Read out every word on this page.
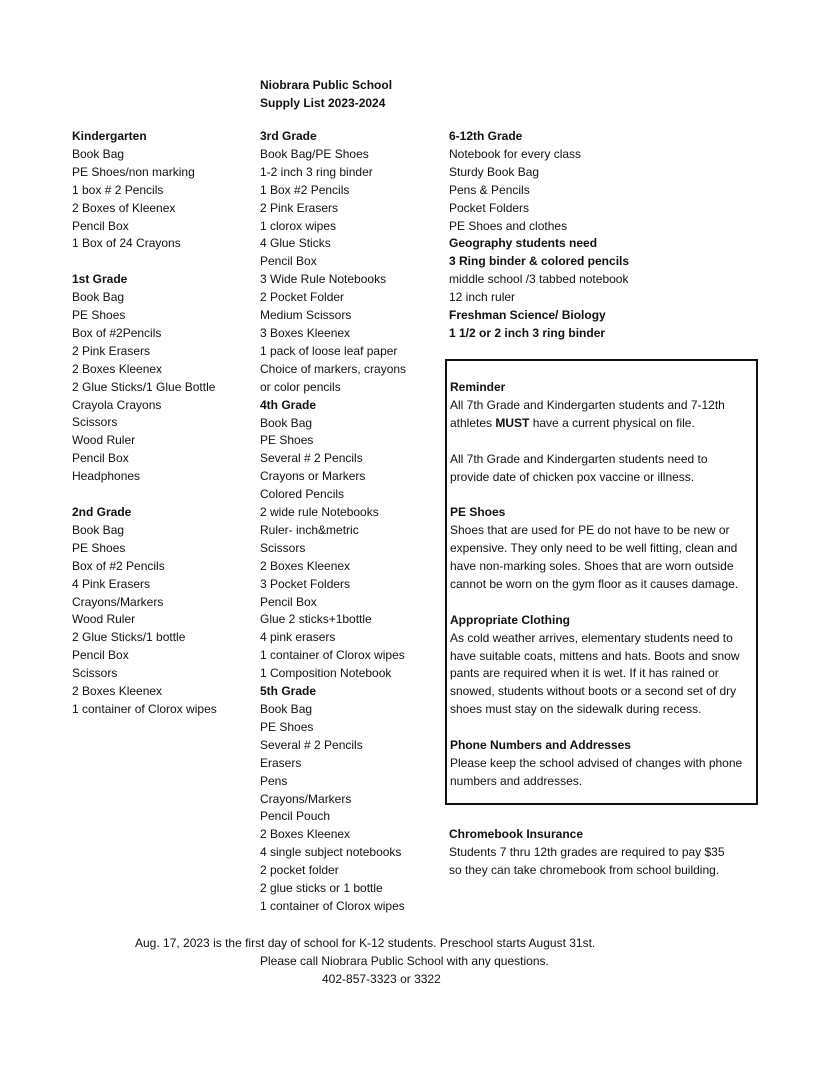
Niobrara Public School
Supply List 2023-2024
Kindergarten
Book Bag
PE Shoes/non marking
1 box # 2 Pencils
2 Boxes of Kleenex
Pencil Box
1 Box of 24 Crayons
1st Grade
Book Bag
PE Shoes
Box of #2Pencils
2 Pink Erasers
2 Boxes Kleenex
2 Glue Sticks/1 Glue Bottle
Crayola Crayons
Scissors
Wood Ruler
Pencil Box
Headphones
2nd Grade
Book Bag
PE Shoes
Box of #2 Pencils
4 Pink Erasers
Crayons/Markers
Wood Ruler
2 Glue Sticks/1 bottle
Pencil Box
Scissors
2 Boxes Kleenex
1 container of Clorox wipes
3rd Grade
Book Bag/PE Shoes
1-2 inch 3 ring binder
1 Box #2 Pencils
2 Pink Erasers
1 clorox wipes
4 Glue Sticks
Pencil Box
3 Wide Rule Notebooks
2 Pocket Folder
Medium Scissors
3 Boxes Kleenex
1 pack of loose leaf paper
Choice of markers, crayons
or color pencils
4th Grade
Book Bag
PE Shoes
Several # 2 Pencils
Crayons or Markers
Colored Pencils
2 wide rule Notebooks
Ruler- inch&metric
Scissors
2 Boxes Kleenex
3 Pocket Folders
Pencil Box
Glue 2 sticks+1bottle
4 pink erasers
1 container of Clorox wipes
1 Composition Notebook
5th Grade
Book Bag
PE Shoes
Several # 2 Pencils
Erasers
Pens
Crayons/Markers
Pencil Pouch
2 Boxes Kleenex
4 single subject notebooks
2 pocket folder
2 glue sticks or 1 bottle
1 container of Clorox wipes
6-12th Grade
Notebook for every class
Sturdy Book Bag
Pens & Pencils
Pocket Folders
PE Shoes and clothes
Geography students need
3 Ring binder & colored pencils
middle school /3 tabbed notebook
12 inch ruler
Freshman Science/ Biology
1 1/2 or 2 inch 3 ring binder
Reminder
All 7th Grade and Kindergarten students and 7-12th
athletes MUST have a current physical on file.
All 7th Grade and Kindergarten students need to
provide date of chicken pox vaccine or illness.
PE Shoes
Shoes that are used for PE do not have to be new or
expensive. They only need to be well fitting, clean and
have non-marking soles. Shoes that are worn outside
cannot be worn on the gym floor as it causes damage.
Appropriate Clothing
As cold weather arrives, elementary students need to
have suitable coats, mittens and hats. Boots and snow
pants are required when it is wet. If it has rained or
snowed, students without boots or a second set of dry
shoes must stay on the sidewalk during recess.
Phone Numbers and Addresses
Please keep the school advised of changes with phone
numbers and addresses.
Chromebook Insurance
Students 7 thru 12th grades are required to pay $35
so they can take chromebook from school building.
Aug. 17, 2023 is the first day of school for K-12 students. Preschool starts August 31st.
Please call Niobrara Public School with any questions.
402-857-3323 or 3322
